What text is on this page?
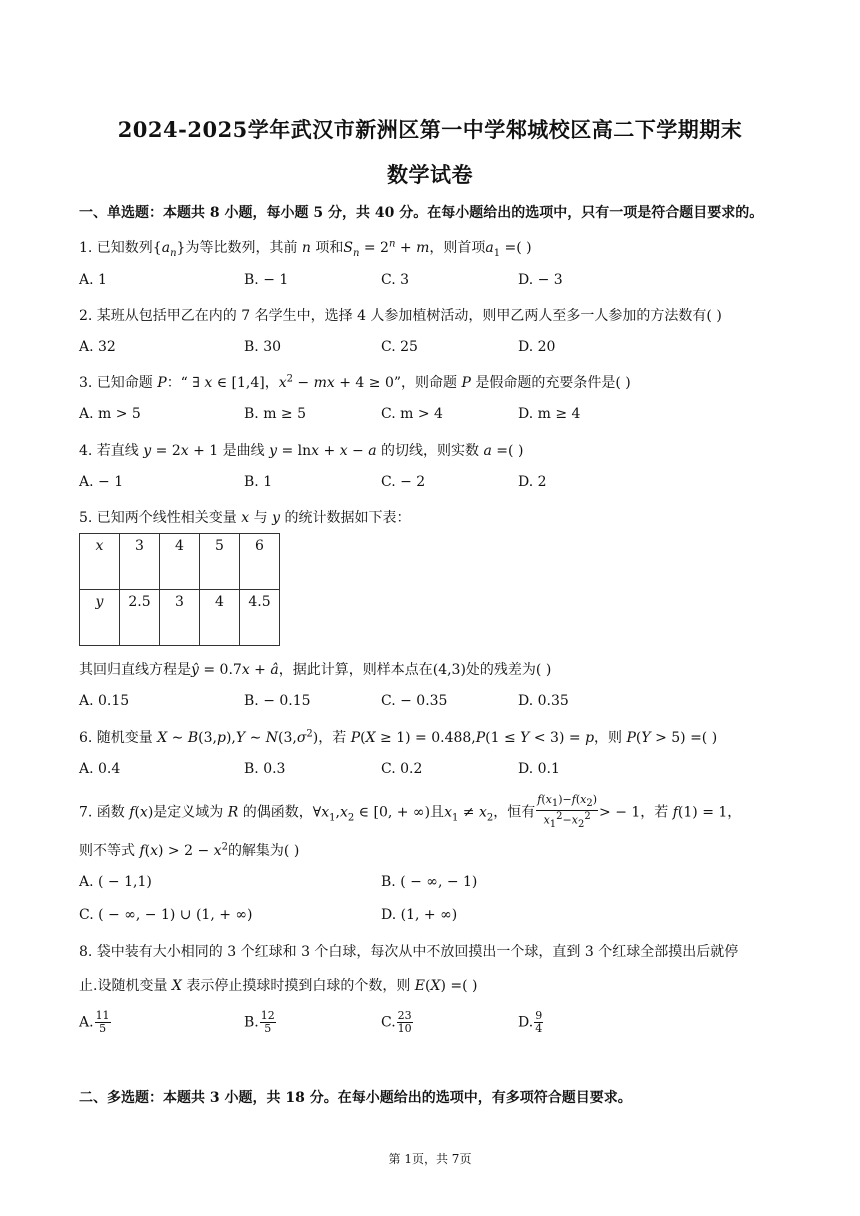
2024-2025学年武汉市新洲区第一中学邾城校区高二下学期期末
数学试卷
一、单选题：本题共 8 小题，每小题 5 分，共 40 分。在每小题给出的选项中，只有一项是符合题目要求的。
1. 已知数列$\{a_n\}$为等比数列，其前 n 项和$S_n = 2^n + m$，则首项$a_1$ =( )
A. 1	B. − 1	C. 3	D. − 3
2. 某班从包括甲乙在内的 7 名学生中，选择 4 人参加植树活动，则甲乙两人至多一人参加的方法数有( )
A. 32	B. 30	C. 25	D. 20
3. 已知命题 P：“ ∃ x ∈ [1,4]，$x^2$ − mx + 4 ≥ 0”，则命题 P 是假命题的充要条件是( )
A. m > 5	B. m ≥ 5	C. m > 4	D. m ≥ 4
4. 若直线 y = 2x + 1 是曲线 y = lnx + x − a 的切线，则实数 a =( )
A. − 1	B. 1	C. − 2	D. 2
5. 已知两个线性相关变量 x 与 y 的统计数据如下表：
x	3	4	5	6
y	2.5	3	4	4.5
其回归直线方程是ŷ = 0.7x + â，据此计算，则样本点在(4,3)处的残差为( )
A. 0.15	B. − 0.15	C. − 0.35	D. 0.35
6. 随机变量 X ∼ B(3,p),Y ∼ $N(3,\sigma^2)$，若 P(X ≥ 1) = 0.488,P(1 ≤ Y < 3) = p，则 P(Y > 5) =( )
A. 0.4	B. 0.3	C. 0.2	D. 0.1
7. 函数 f(x)是定义域为 R 的偶函数，$\forall x_1,x_2$ ∈ [0, + ∞)且$x_1 \ne x_2$，恒有 $\frac{f(x_1)-f(x_2)}{x_1^2-x_2^2}$ > − 1，若 f(1) = 1，
则不等式 $f(x) > 2 - x^2$的解集为( )
A. ( − 1,1)	B. ( − ∞, − 1)
C. ( − ∞, − 1) ∪ (1, + ∞)	D. (1, + ∞)
8. 袋中装有大小相同的 3 个红球和 3 个白球，每次从中不放回摸出一个球，直到 3 个红球全部摸出后就停
止.设随机变量 X 表示停止摸球时摸到白球的个数，则 E(X) =( )
A. $\frac{11}{5}$	B. $\frac{12}{5}$	C. $\frac{23}{10}$	D. $\frac{9}{4}$
二、多选题：本题共 3 小题，共 18 分。在每小题给出的选项中，有多项符合题目要求。
第 1页，共 7页
